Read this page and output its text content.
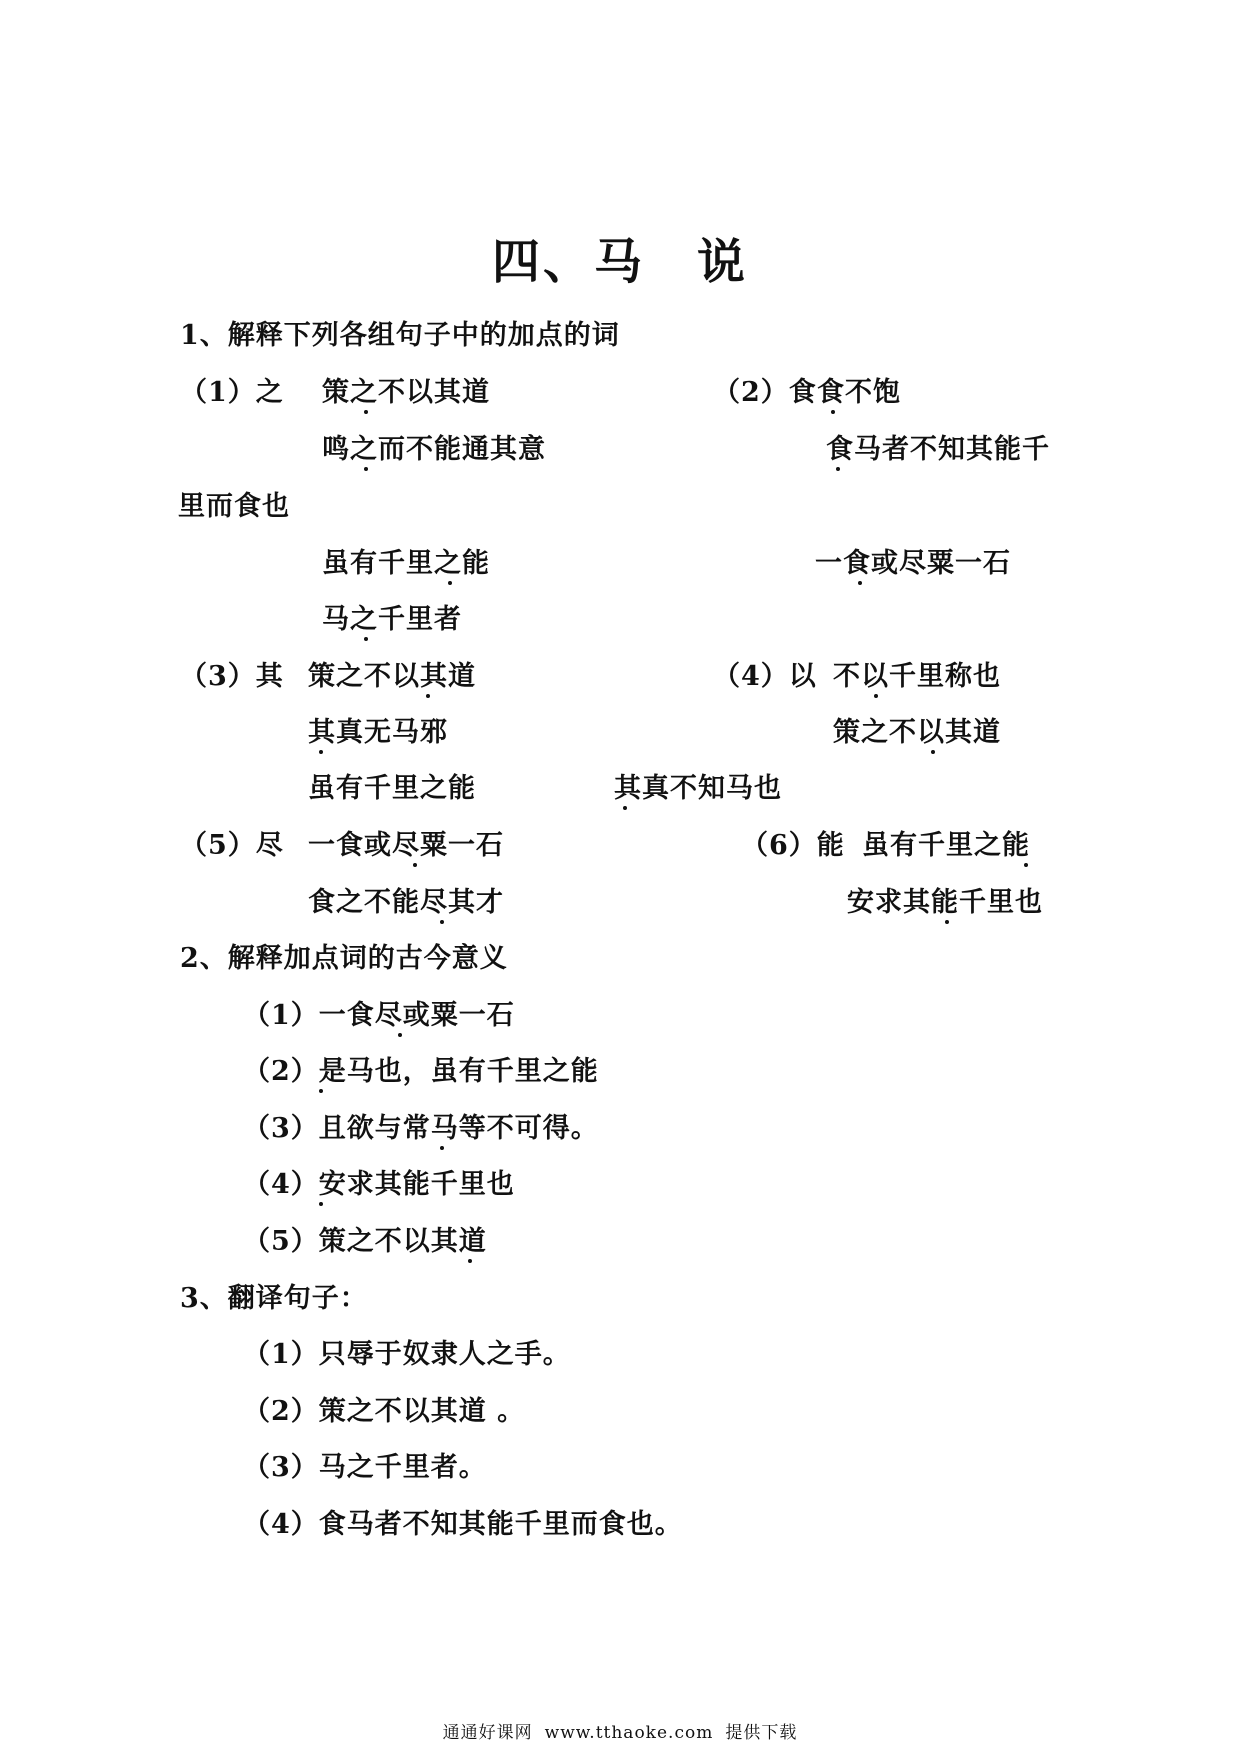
四、马 说
1、解释下列各组句子中的加点的词
（1）之 策之不以其道
鸣之而不能通其意
虽有千里之能
马之千里者
（2）食 食不饱
食马者不知其能千
里而食也
一食或尽粟一石
（3）其 策之不以其道
其真无马邪
虽有千里之能
（4）以 不以千里称也
策之不以其道
其真不知马也
（5）尽 一食或尽粟一石
食之不能尽其才
（6）能 虽有千里之能
安求其能千里也
2、解释加点词的古今意义
（1）一食尽或粟一石
（2）是马也，虽有千里之能
（3）且欲与常马等不可得。
（4）安求其能千里也
（5）策之不以其道
3、翻译句子：
（1）只辱于奴隶人之手。
（2）策之不以其道 。
（3）马之千里者。
（4）食马者不知其能千里而食也。
通通好课网 www.tthaoke.com 提供下载
